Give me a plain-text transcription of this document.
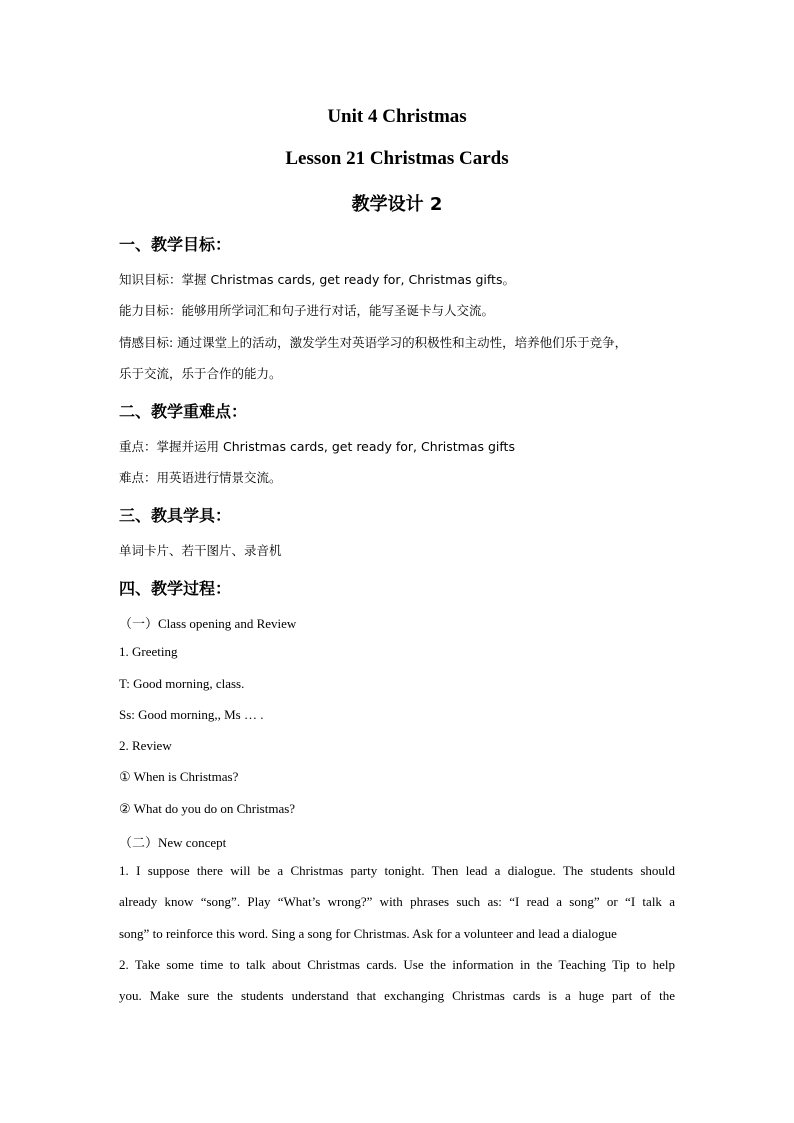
Unit 4 Christmas
Lesson 21 Christmas Cards
教学设计 2
一、教学目标：
知识目标：掌握 Christmas cards, get ready for, Christmas gifts。
能力目标：能够用所学词汇和句子进行对话，能写圣诞卡与人交流。
情感目标: 通过课堂上的活动，激发学生对英语学习的积极性和主动性，培养他们乐于竞争，
乐于交流，乐于合作的能力。
二、教学重难点：
重点：掌握并运用 Christmas cards, get ready for, Christmas gifts
难点：用英语进行情景交流。
三、教具学具：
单词卡片、若干图片、录音机
四、教学过程：
（一）Class opening and Review
1. Greeting
T: Good morning, class.
Ss: Good morning,, Ms … .
2. Review
① When is Christmas?
② What do you do on Christmas?
（二）New concept
1. I suppose there will be a Christmas party tonight. Then lead a dialogue. The students should
already know “song”. Play “What’s wrong?” with phrases such as: “I read a song” or “I talk a
song” to reinforce this word. Sing a song for Christmas. Ask for a volunteer and lead a dialogue
2. Take some time to talk about Christmas cards. Use the information in the Teaching Tip to help
you. Make sure the students understand that exchanging Christmas cards is a huge part of the
